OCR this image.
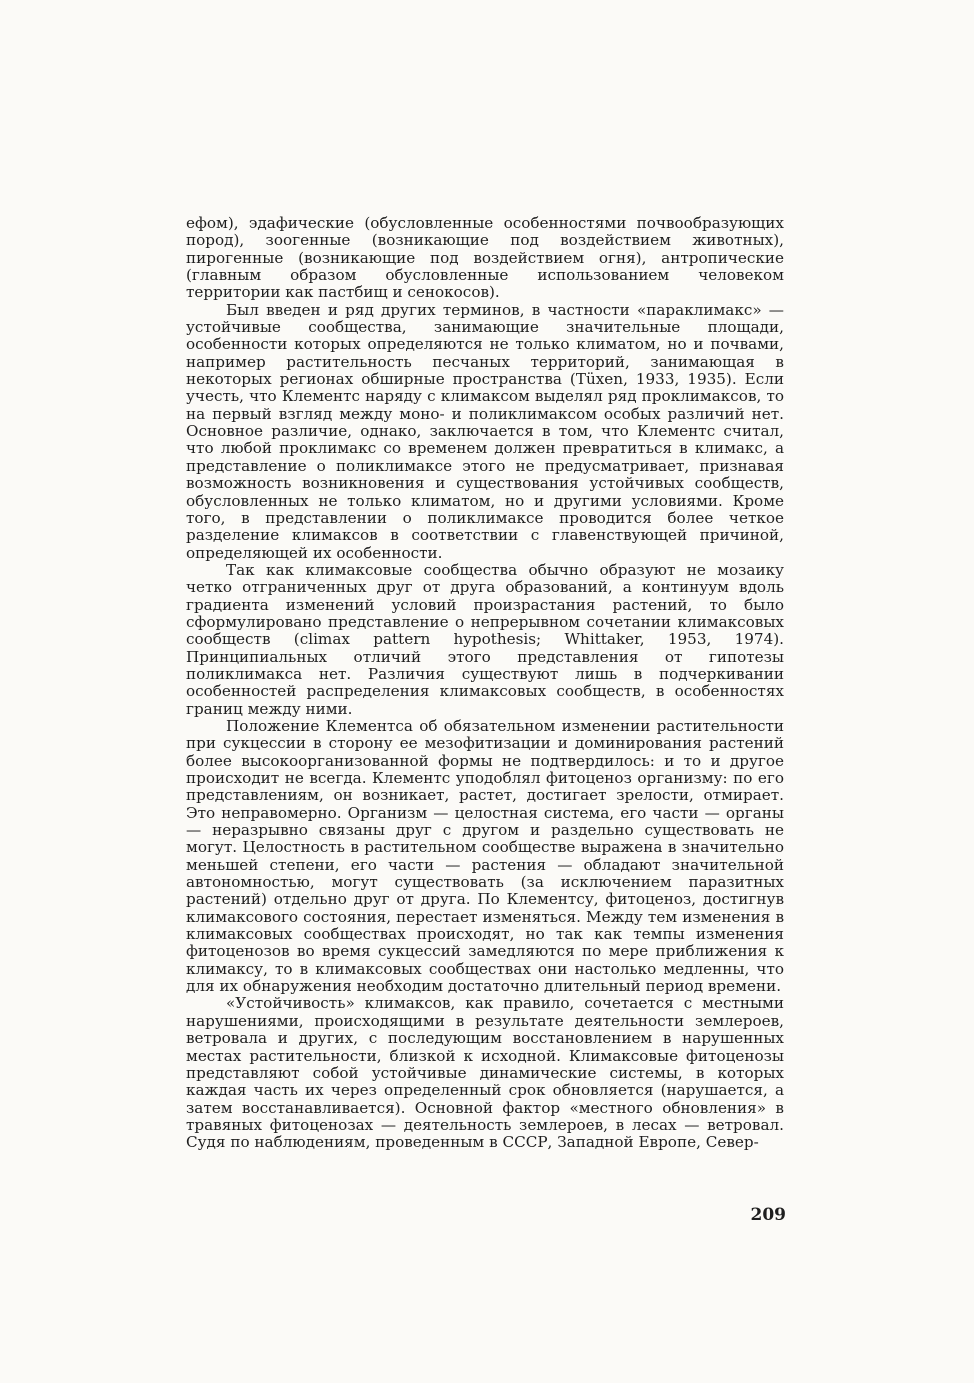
ефом), эдафические (обусловленные особенностями почвообразующих пород), зоогенные (возникающие под воздействием животных), пирогенные (возникающие под воздействием огня), антропические (главным образом обусловленные использованием человеком территории как пастбищ и сенокосов).

Был введен и ряд других терминов, в частности «параклимакс» — устойчивые сообщества, занимающие значительные площади, особенности которых определяются не только климатом, но и почвами, например растительность песчаных территорий, занимающая в некоторых регионах обширные пространства (Tüxen, 1933, 1935). Если учесть, что Клементс наряду с климаксом выделял ряд проклимаксов, то на первый взгляд между моно- и поликлимаксом особых различий нет. Основное различие, однако, заключается в том, что Клементс считал, что любой проклимакс со временем должен превратиться в климакс, а представление о поликлимаксе этого не предусматривает, признавая возможность возникновения и существования устойчивых сообществ, обусловленных не только климатом, но и другими условиями. Кроме того, в представлении о поликлимаксе проводится более четкое разделение климаксов в соответствии с главенствующей причиной, определяющей их особенности.

Так как климаксовые сообщества обычно образуют не мозаику четко отграниченных друг от друга образований, а континуум вдоль градиента изменений условий произрастания растений, то было сформулировано представление о непрерывном сочетании климаксовых сообществ (climax pattern hypothesis; Whittaker, 1953, 1974). Принципиальных отличий этого представления от гипотезы поликлимакса нет. Различия существуют лишь в подчеркивании особенностей распределения климаксовых сообществ, в особенностях границ между ними.

Положение Клементса об обязательном изменении растительности при сукцессии в сторону ее мезофитизации и доминирования растений более высокоорганизованной формы не подтвердилось: и то и другое происходит не всегда. Клементс уподоблял фитоценоз организму: по его представлениям, он возникает, растет, достигает зрелости, отмирает. Это неправомерно. Организм — целостная система, его части — органы — неразрывно связаны друг с другом и раздельно существовать не могут. Целостность в растительном сообществе выражена в значительно меньшей степени, его части — растения — обладают значительной автономностью, могут существовать (за исключением паразитных растений) отдельно друг от друга. По Клементсу, фитоценоз, достигнув климаксового состояния, перестает изменяться. Между тем изменения в климаксовых сообществах происходят, но так как темпы изменения фитоценозов во время сукцессий замедляются по мере приближения к климаксу, то в климаксовых сообществах они настолько медленны, что для их обнаружения необходим достаточно длительный период времени.

«Устойчивость» климаксов, как правило, сочетается с местными нарушениями, происходящими в результате деятельности землероев, ветровала и других, с последующим восстановлением в нарушенных местах растительности, близкой к исходной. Климаксовые фитоценозы представляют собой устойчивые динамические системы, в которых каждая часть их через определенный срок обновляется (нарушается, а затем восстанавливается). Основной фактор «местного обновления» в травяных фитоценозах — деятельность землероев, в лесах — ветровал. Судя по наблюдениям, проведенным в СССР, Западной Европе, Север-

209
